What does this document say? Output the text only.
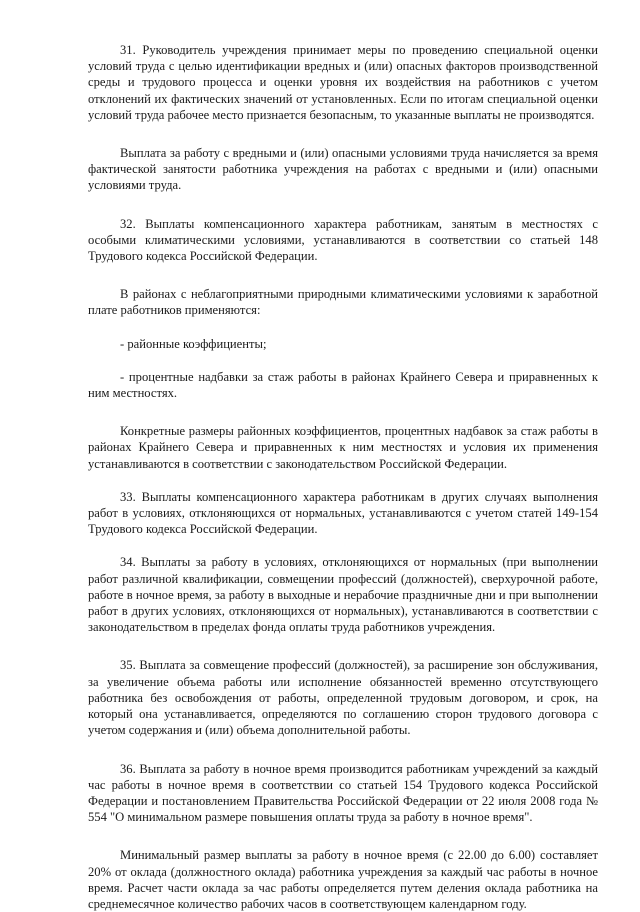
31. Руководитель учреждения принимает меры по проведению специальной оценки условий труда с целью идентификации вредных и (или) опасных факторов производственной среды и трудового процесса и оценки уровня их воздействия на работников с учетом отклонений их фактических значений от установленных. Если по итогам специальной оценки условий труда рабочее место признается безопасным, то указанные выплаты не производятся.

Выплата за работу с вредными и (или) опасными условиями труда начисляется за время фактической занятости работника учреждения на работах с вредными и (или) опасными условиями труда.

32. Выплаты компенсационного характера работникам, занятым в местностях с особыми климатическими условиями, устанавливаются в соответствии со статьей 148 Трудового кодекса Российской Федерации.

В районах с неблагоприятными природными климатическими условиями к заработной плате работников применяются:

- районные коэффициенты;

- процентные надбавки за стаж работы в районах Крайнего Севера и приравненных к ним местностях.

Конкретные размеры районных коэффициентов, процентных надбавок за стаж работы в районах Крайнего Севера и приравненных к ним местностях и условия их применения устанавливаются в соответствии с законодательством Российской Федерации.

33. Выплаты компенсационного характера работникам в других случаях выполнения работ в условиях, отклоняющихся от нормальных, устанавливаются с учетом статей 149-154 Трудового кодекса Российской Федерации.

34. Выплаты за работу в условиях, отклоняющихся от нормальных (при выполнении работ различной квалификации, совмещении профессий (должностей), сверхурочной работе, работе в ночное время, за работу в выходные и нерабочие праздничные дни и при выполнении работ в других условиях, отклоняющихся от нормальных), устанавливаются в соответствии с законодательством в пределах фонда оплаты труда работников учреждения.

35. Выплата за совмещение профессий (должностей), за расширение зон обслуживания, за увеличение объема работы или исполнение обязанностей временно отсутствующего работника без освобождения от работы, определенной трудовым договором, и срок, на который она устанавливается, определяются по соглашению сторон трудового договора с учетом содержания и (или) объема дополнительной работы.

36. Выплата за работу в ночное время производится работникам учреждений за каждый час работы в ночное время в соответствии со статьей 154 Трудового кодекса Российской Федерации и постановлением Правительства Российской Федерации от 22 июля 2008 года № 554 "О минимальном размере повышения оплаты труда за работу в ночное время".

Минимальный размер выплаты за работу в ночное время (с 22.00 до 6.00) составляет 20% от оклада (должностного оклада) работника учреждения за каждый час работы в ночное время. Расчет части оклада за час работы определяется путем деления оклада работника на среднемесячное количество рабочих часов в соответствующем календарном году.
